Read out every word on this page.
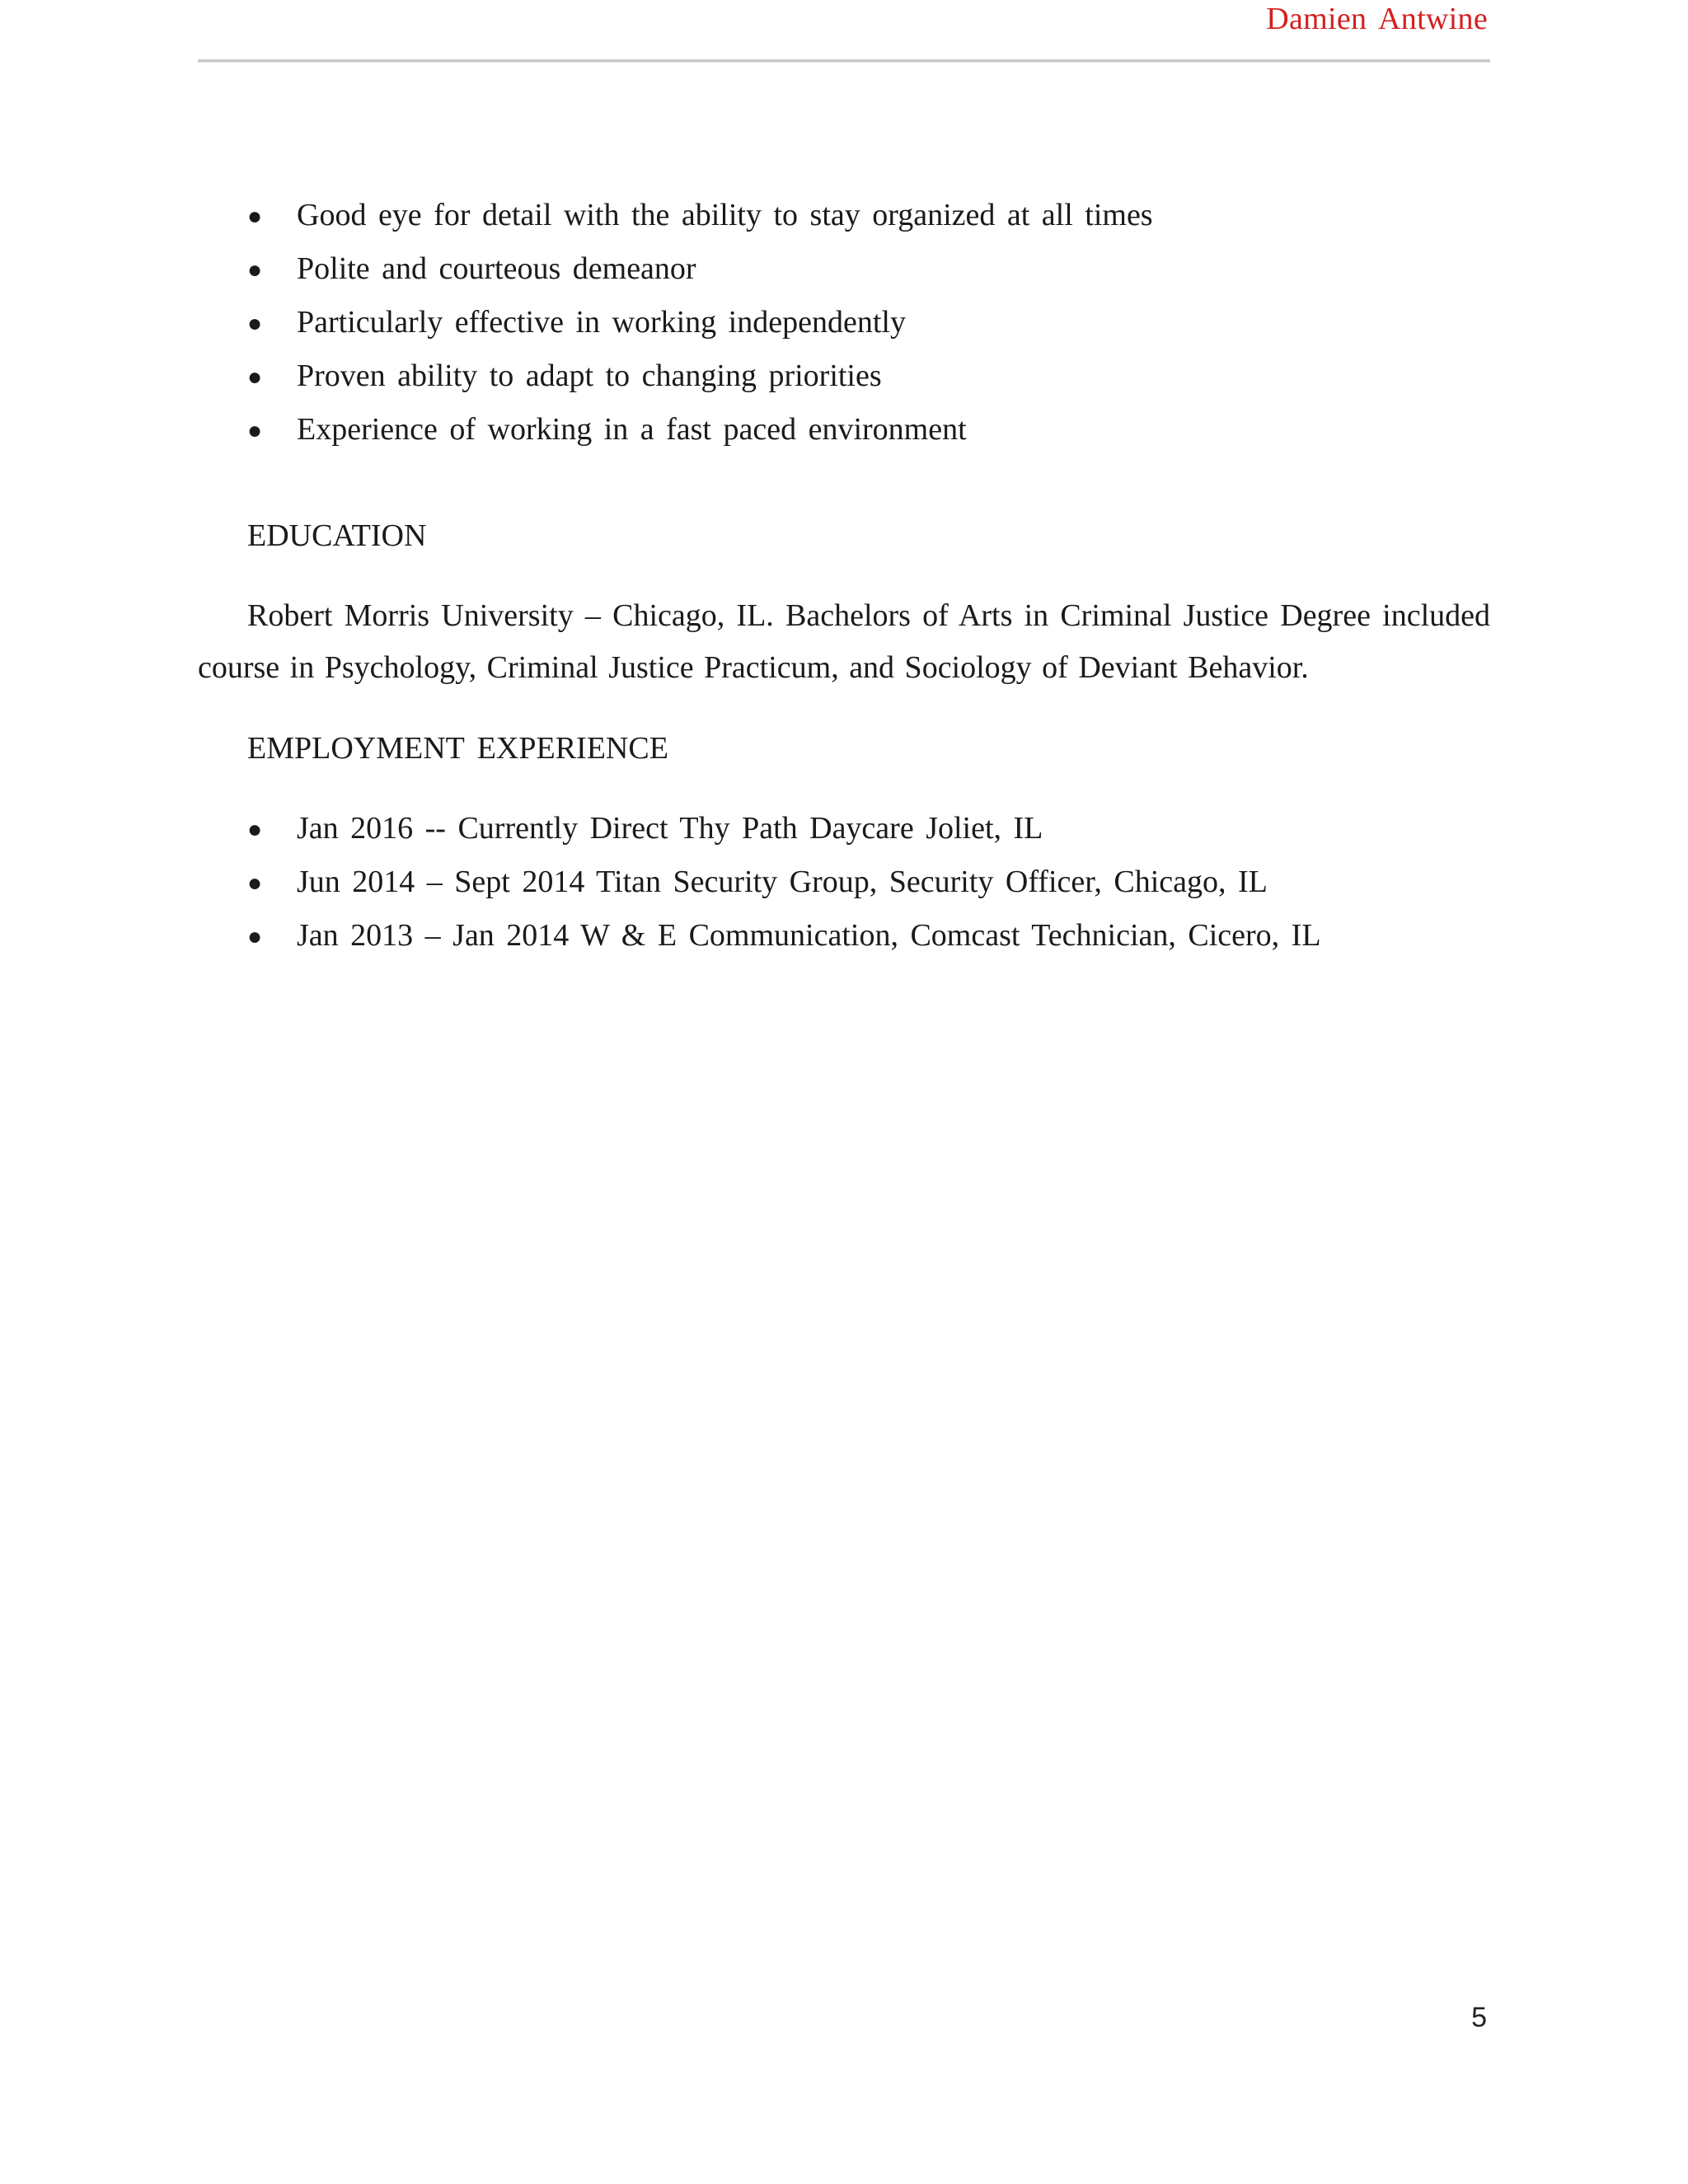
Damien Antwine
●	Good eye for detail with the ability to stay organized at all times
●	Polite and courteous demeanor
●	Particularly effective in working independently
●	Proven ability to adapt to changing priorities
●	Experience of working in a fast paced environment
EDUCATION

Robert Morris University – Chicago, IL. Bachelors of Arts in Criminal Justice Degree included course in Psychology, Criminal Justice Practicum, and Sociology of Deviant Behavior.

EMPLOYMENT EXPERIENCE
●	Jan 2016 -- Currently Direct Thy Path Daycare Joliet, IL
●	Jun 2014 – Sept 2014 Titan Security Group, Security Officer, Chicago, IL
●	Jan 2013 – Jan 2014 W & E Communication, Comcast Technician, Cicero, IL
5
